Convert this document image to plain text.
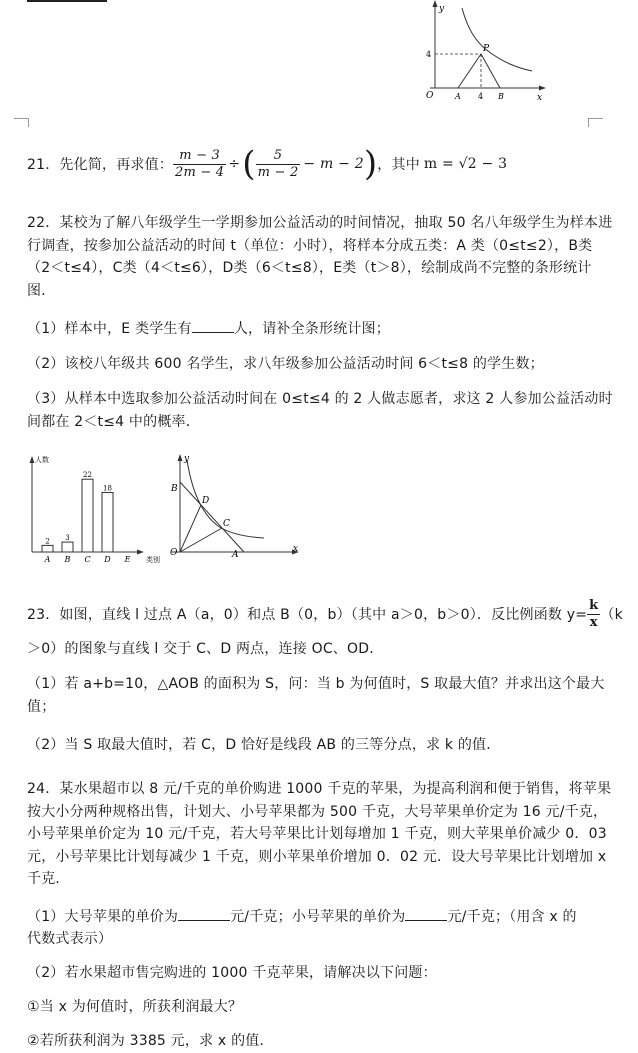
y
x
4
P
O	A 4 B
21．先化简，再求值： $\frac{m - 3}{2m - 4}$ ÷ ( $\frac{5}{m - 2} - m - 2$ ) ，其中 m = √2 − 3
22．某校为了解八年级学生一学期参加公益活动的时间情况，抽取 50 名八年级学生为样本进行调查，按参加公益活动的时间 t（单位：小时），将样本分成五类：A 类（0≤t≤2），B类（2＜t≤4），C类（4＜t≤6），D类（6＜t≤8），E类（t＞8），绘制成尚不完整的条形统计图．
（1）样本中，E 类学生有	人，请补全条形统计图；
（2）该校八年级共 600 名学生，求八年级参加公益活动时间 6＜t≤8 的学生数；
（3）从样本中选取参加公益活动时间在 0≤t≤4 的 2 人做志愿者，求这 2 人参加公益活动时间都在 2＜t≤4 中的概率．
人数
类别
2
A
3
B
22
C
18
D E
y
x
O
B
D
C
A
23．如图，直线 l 过点 A（a，0）和点 B（0，b）（其中 a＞0，b＞0）．反比例函数 $y= \frac{k}{x} (k$
＞0）的图象与直线 l 交于 C、D 两点，连接 OC、OD．
（1）若 a+b=10，△AOB 的面积为 S，问：当 b 为何值时，S 取最大值？并求出这个最大值；
（2）当 S 取最大值时，若 C，D 恰好是线段 AB 的三等分点，求 k 的值．
24．某水果超市以 8 元/千克的单价购进 1000 千克的苹果，为提高利润和便于销售，将苹果按大小分两种规格出售，计划大、小号苹果都为 500 千克，大号苹果单价定为 16 元/千克，小号苹果单价定为 10 元/千克，若大号苹果比计划每增加 1 千克，则大苹果单价减少 0．03 元，小号苹果比计划每减少 1 千克，则小苹果单价增加 0．02 元．设大号苹果比计划增加 x 千克．
（1）大号苹果的单价为	元/千克；小号苹果的单价为	元/千克；（用含 x 的
代数式表示）
（2）若水果超市售完购进的 1000 千克苹果，请解决以下问题：
①当 x 为何值时，所获利润最大？
②若所获利润为 3385 元，求 x 的值．
